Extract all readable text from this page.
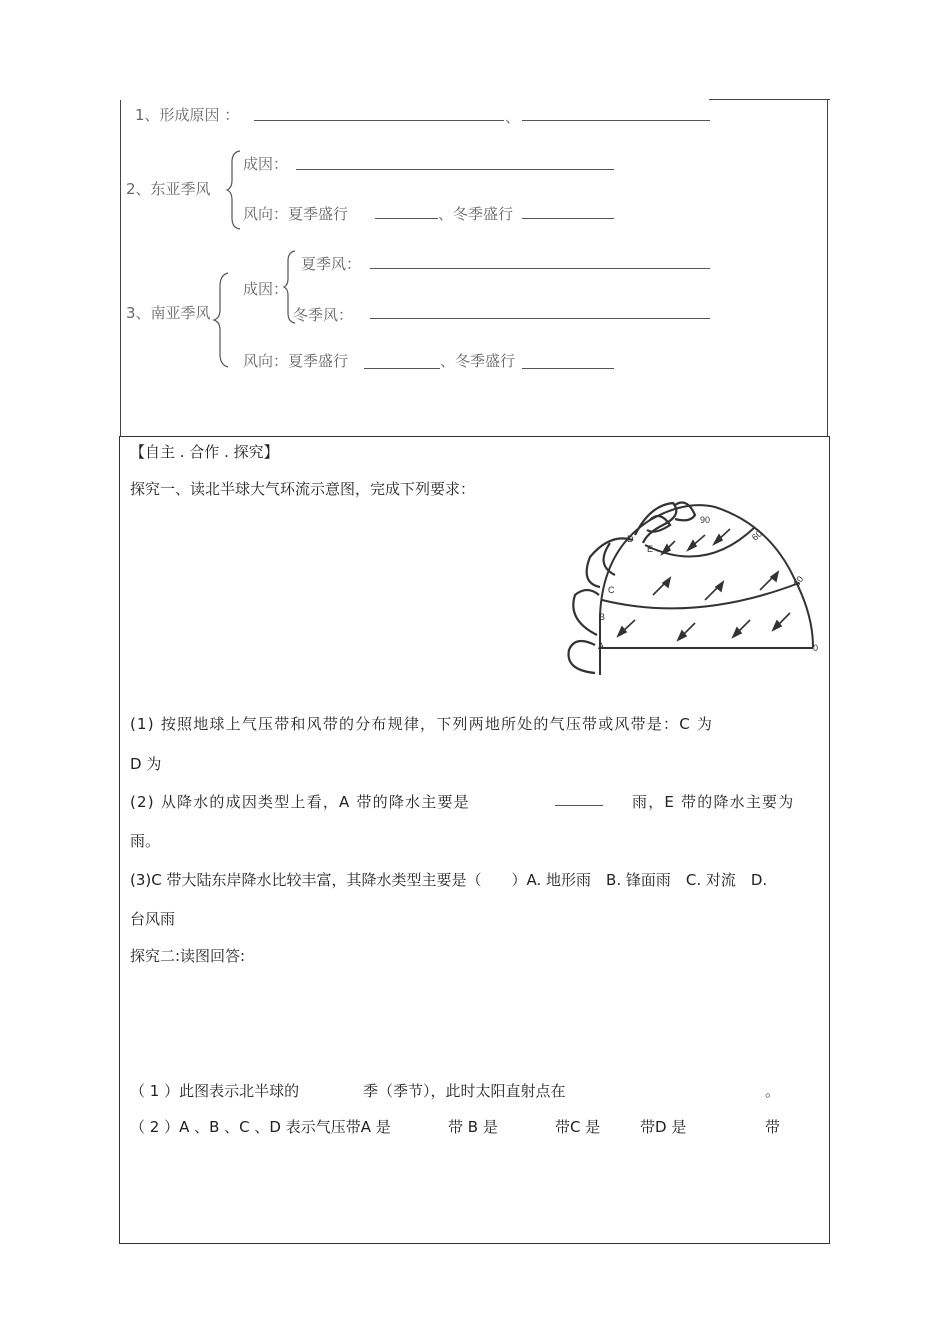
1、形成原因 ：	、
2、东亚季风
成因：
风向：夏季盛行	、冬季盛行
3、南亚季风
成因：
夏季风：
冬季风：
风向：夏季盛行	、冬季盛行
【自主 . 合作 . 探究】
探究一、读北半球大气环流示意图，完成下列要求：
90
60
30
0
A
B
C
D
E
(1) 按照地球上气压带和风带的分布规律，下列两地所处的气压带或风带是：C 为
D 为
(2) 从降水的成因类型上看，A 带的降水主要是	雨，E 带的降水主要为
雨。
(3)C 带大陆东岸降水比较丰富，其降水类型主要是（　　）A. 地形雨　B. 锋面雨　C. 对流　D.
台风雨
探究二:读图回答:
（ 1 ）此图表示北半球的	季（季节），此时太阳直射点在	。
（ 2 ）A 、B 、C 、D 表示气压带A 是	带 B 是	带C 是	带D 是	带
